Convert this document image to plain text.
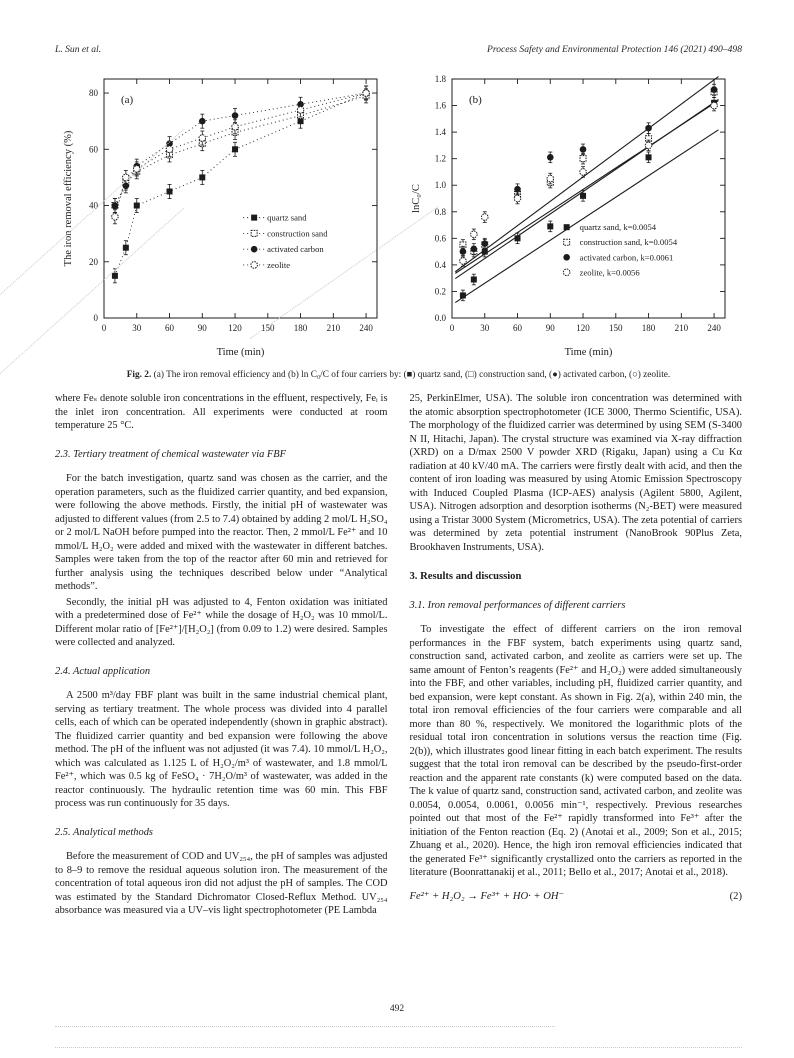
L. Sun et al.	Process Safety and Environmental Protection 146 (2021) 490–498
0	30	60	90 120 150 180 210 240
0
20
40
60
80
Time (min)
The iron removal efficiency (%)
(a)
quartz sand
construction sand
activated carbon
zeolite
0	30	60	90 120 150 180 210 240
0.0
0.2
0.4
0.6
0.8
1.0
1.2
1.4
1.6
1.8
Time (min)
lnC₀/C
(b)
quartz sand, k=0.0054
construction sand, k=0.0054
activated carbon, k=0.0061
zeolite, k=0.0056
Fig. 2. (a) The iron removal efficiency and (b) ln C₀/C of four carriers by: (■) quartz sand, (□) construction sand, (●) activated carbon, (○) zeolite.

where Feₛ denote soluble iron concentrations in the effluent, respectively, Feᵢ is the inlet iron concentration. All experiments were conducted at room temperature 25 °C.

2.3. Tertiary treatment of chemical wastewater via FBF

For the batch investigation, quartz sand was chosen as the carrier, and the operation parameters, such as the fluidized carrier quantity, and bed expansion, were following the above methods. Firstly, the initial pH of wastewater was adjusted to different values (from 2.5 to 7.4) obtained by adding 2 mol/L H₂SO₄ or 2 mol/L NaOH before pumped into the reactor. Then, 2 mmol/L Fe²⁺ and 10 mmol/L H₂O₂ were added and mixed with the wastewater in different batches. Samples were taken from the top of the reactor after 60 min and retrieved for further analysis using the techniques described below under “Analytical methods”.

Secondly, the initial pH was adjusted to 4, Fenton oxidation was initiated with a predetermined dose of Fe²⁺ while the dosage of H₂O₂ was 10 mmol/L. Different molar ratio of [Fe²⁺]/[H₂O₂] (from 0.09 to 1.2) were desired. Samples were collected and analyzed.

2.4. Actual application

A 2500 m³/day FBF plant was built in the same industrial chemical plant, serving as tertiary treatment. The whole process was divided into 4 parallel cells, each of which can be operated independently (shown in graphic abstract). The fluidized carrier quantity and bed expansion were following the above method. The pH of the influent was not adjusted (it was 7.4). 10 mmol/L H₂O₂, which was calculated as 1.125 L of H₂O₂/m³ of wastewater, and 1.8 mmol/L Fe²⁺, which was 0.5 kg of FeSO₄ · 7H₂O/m³ of wastewater, was added in the reactor continuously. The hydraulic retention time was 60 min. This FBF process was run continuously for 35 days.

2.5. Analytical methods

Before the measurement of COD and UV₂₅₄, the pH of samples was adjusted to 8–9 to remove the residual aqueous solution iron. The measurement of the concentration of total aqueous iron did not adjust the pH of samples. The COD was estimated by the Standard Dichromator Closed-Reflux Method. UV₂₅₄ absorbance was measured via a UV–vis light spectrophotometer (PE Lambda

25, PerkinElmer, USA). The soluble iron concentration was determined with the atomic absorption spectrophotometer (ICE 3000, Thermo Scientific, USA). The morphology of the fluidized carrier was determined by using SEM (S-3400 N II, Hitachi, Japan). The crystal structure was examined via X-ray diffraction (XRD) on a D/max 2500 V powder XRD (Rigaku, Japan) using a Cu Kα radiation at 40 kV/40 mA. The carriers were firstly dealt with acid, and then the content of iron loading was measured by using Atomic Emission Spectroscopy with Induced Coupled Plasma (ICP-AES) analysis (Agilent 5800, Agilent, USA). Nitrogen adsorption and desorption isotherms (N₂-BET) were measured using a Tristar 3000 System (Micrometrics, USA). The zeta potential of carriers was determined by zeta potential instrument (NanoBrook 90Plus Zeta, Brookhaven Instruments, USA).

3. Results and discussion
3.1. Iron removal performances of different carriers

To investigate the effect of different carriers on the iron removal performances in the FBF system, batch experiments using quartz sand, construction sand, activated carbon, and zeolite as carriers were set up. The same amount of Fenton’s reagents (Fe²⁺ and H₂O₂) were added simultaneously into the FBF, and other variables, including pH, fluidized carrier quantity, and bed expansion, were kept constant. As shown in Fig. 2(a), within 240 min, the total iron removal efficiencies of the four carriers were comparable and all more than 80 %, respectively. We monitored the logarithmic plots of the residual total iron concentration in solutions versus the reaction time (Fig. 2(b)), which illustrates good linear fitting in each batch experiment. The results suggest that the total iron removal can be described by the pseudo-first-order reaction and the apparent rate constants (k) were computed based on the data. The k value of quartz sand, construction sand, activated carbon, and zeolite was 0.0054, 0.0054, 0.0061, 0.0056 min⁻¹, respectively. Previous researches pointed out that most of the Fe²⁺ rapidly transformed into Fe³⁺ after the initiation of the Fenton reaction (Eq. 2) (Anotai et al., 2009; Son et al., 2015; Zhuang et al., 2020). Hence, the high iron removal efficiencies indicated that the generated Fe³⁺ significantly crystallized onto the carriers as reported in the literature (Boonrattanakij et al., 2011; Bello et al., 2017; Anotai et al., 2018).

Fe²⁺ + H₂O₂ → Fe³⁺ + HO· + OH⁻	(2)
492
